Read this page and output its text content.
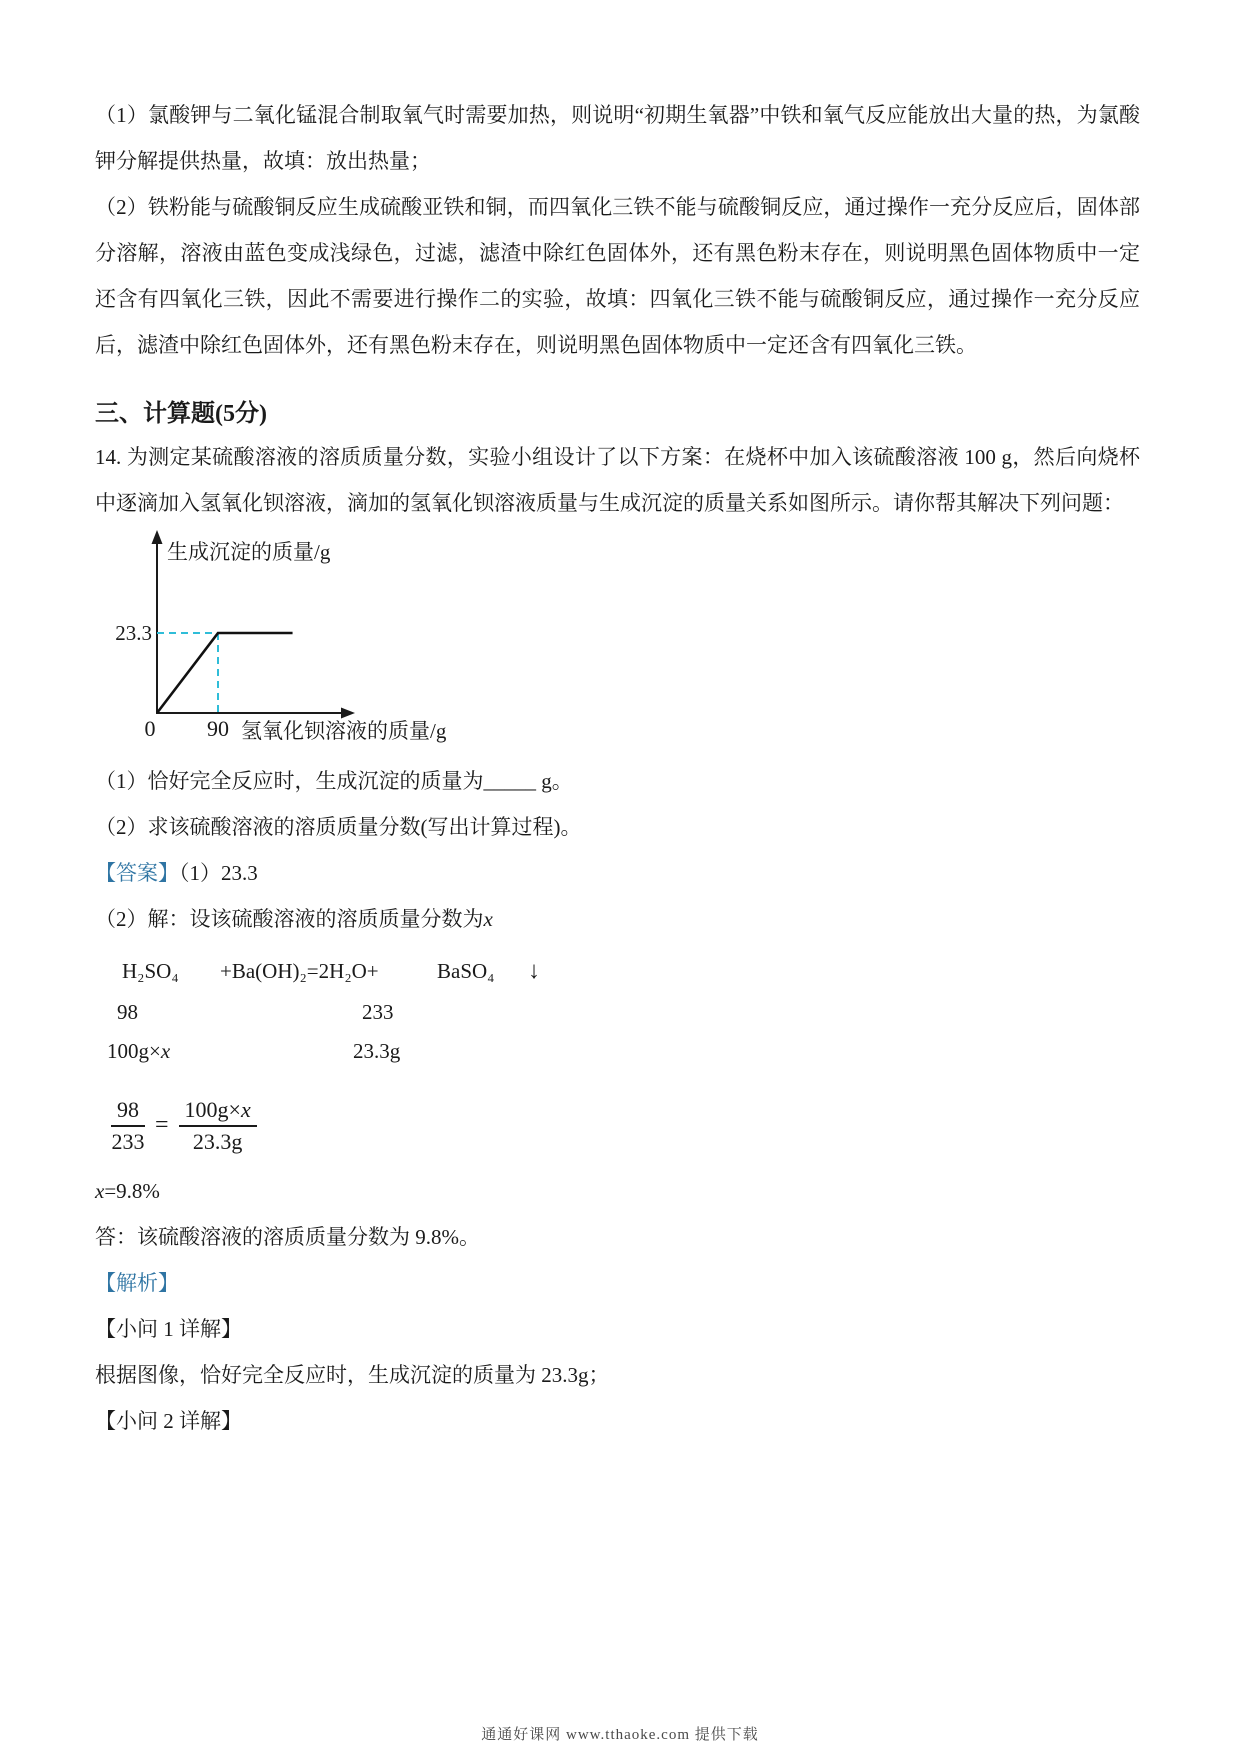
（1）氯酸钾与二氧化锰混合制取氧气时需要加热，则说明“初期生氧器”中铁和氧气反应能放出大量的热，为氯酸钾分解提供热量，故填：放出热量；

（2）铁粉能与硫酸铜反应生成硫酸亚铁和铜，而四氧化三铁不能与硫酸铜反应，通过操作一充分反应后，固体部分溶解，溶液由蓝色变成浅绿色，过滤，滤渣中除红色固体外，还有黑色粉末存在，则说明黑色固体物质中一定还含有四氧化三铁，因此不需要进行操作二的实验，故填：四氧化三铁不能与硫酸铜反应，通过操作一充分反应后，滤渣中除红色固体外，还有黑色粉末存在，则说明黑色固体物质中一定还含有四氧化三铁。

三、计算题(5分)

14. 为测定某硫酸溶液的溶质质量分数，实验小组设计了以下方案：在烧杯中加入该硫酸溶液 100 g，然后向烧杯中逐滴加入氢氧化钡溶液，滴加的氢氧化钡溶液质量与生成沉淀的质量关系如图所示。请你帮其解决下列问题：

生成沉淀的质量/g
23.3
0 90 氢氧化钡溶液的质量/g

（1）恰好完全反应时，生成沉淀的质量为_____ g。

（2）求该硫酸溶液的溶质质量分数(写出计算过程)。

【答案】（1）23.3

（2）解：设该硫酸溶液的溶质质量分数为x

H₂SO₄ +Ba(OH)₂=2H₂O+	BaSO₄ ↓
98	233
100g×x	23.3g
$\frac{98}{233} = \frac{100g\times x}{23.3g}$

x=9.8%

答：该硫酸溶液的溶质质量分数为 9.8%。

【解析】

【小问 1 详解】

根据图像，恰好完全反应时，生成沉淀的质量为 23.3g；

【小问 2 详解】

通通好课网 www.tthaoke.com 提供下载
